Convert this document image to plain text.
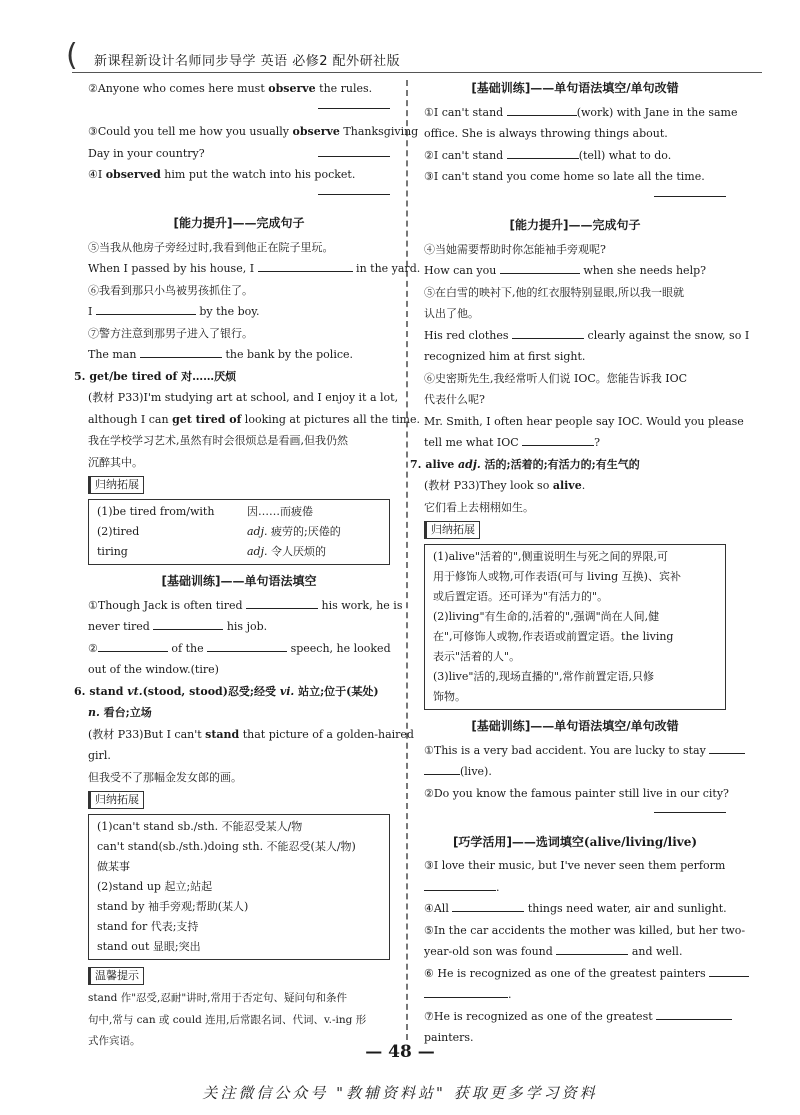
( 新课程新设计名师同步导学 英语 必修2 配外研社版
②Anyone who comes here must observe the rules.
③Could you tell me how you usually observe Thanksgiving
Day in your country?
④I observed him put the watch into his pocket.
[能力提升]——完成句子
⑤当我从他房子旁经过时,我看到他正在院子里玩。
When I passed by his house, I	in the yard.
⑥我看到那只小鸟被男孩抓住了。
I	by the boy.
⑦警方注意到那男子进入了银行。
The man	the bank by the police.
5. get/be tired of 对……厌烦
(教材 P33)I'm studying art at school, and I enjoy it a lot,
although I can get tired of looking at pictures all the time.
我在学校学习艺术,虽然有时会很烦总是看画,但我仍然
沉醉其中。
归纳拓展
(1)be tired from/with	因……而疲倦
(2)tired	adj. 疲劳的;厌倦的
tiring	adj. 令人厌烦的
[基础训练]——单句语法填空
①Though Jack is often tired	his work, he is
never tired	his job.
②	of the	speech, he looked
out of the window.(tire)
6. stand vt.(stood, stood)忍受;经受 vi. 站立;位于(某处)
n. 看台;立场
(教材 P33)But I can't stand that picture of a golden-haired
girl.
但我受不了那幅金发女郎的画。
归纳拓展
(1)can't stand sb./sth. 不能忍受某人/物
can't stand(sb./sth.)doing sth. 不能忍受(某人/物)
做某事
(2)stand up 起立;站起
stand by 袖手旁观;帮助(某人)
stand for 代表;支持
stand out 显眼;突出
温馨提示
stand 作"忍受,忍耐"讲时,常用于否定句、疑问句和条件
句中,常与 can 或 could 连用,后常跟名词、代词、v.-ing 形
式作宾语。
[基础训练]——单句语法填空/单句改错
①I can't stand	(work) with Jane in the same
office. She is always throwing things about.
②I can't stand	(tell) what to do.
③I can't stand you come home so late all the time.
[能力提升]——完成句子
④当她需要帮助时你怎能袖手旁观呢?
How can you	when she needs help?
⑤在白雪的映衬下,他的红衣服特别显眼,所以我一眼就
认出了他。
His red clothes	clearly against the snow, so I
recognized him at first sight.
⑥史密斯先生,我经常听人们说 IOC。您能告诉我 IOC
代表什么呢?
Mr. Smith, I often hear people say IOC. Would you please
tell me what IOC	?
7. alive adj. 活的;活着的;有活力的;有生气的
(教材 P33)They look so alive.
它们看上去栩栩如生。
归纳拓展
(1)alive"活着的",侧重说明生与死之间的界限,可
用于修饰人或物,可作表语(可与 living 互换)、宾补
或后置定语。还可译为"有活力的"。
(2)living"有生命的,活着的",强调"尚在人间,健
在",可修饰人或物,作表语或前置定语。the living
表示"活着的人"。
(3)live"活的,现场直播的",常作前置定语,只修
饰物。
[基础训练]——单句语法填空/单句改错
①This is a very bad accident. You are lucky to stay
(live).
②Do you know the famous painter still live in our city?
[巧学活用]——选词填空(alive/living/live)
③I love their music, but I've never seen them perform
.
④All	things need water, air and sunlight.
⑤In the car accidents the mother was killed, but her two-
year-old son was found	and well.
⑥ He is recognized as one of the greatest painters
.
⑦He is recognized as one of the greatest
painters.
— 48 —
关注微信公众号 "教辅资料站" 获取更多学习资料
